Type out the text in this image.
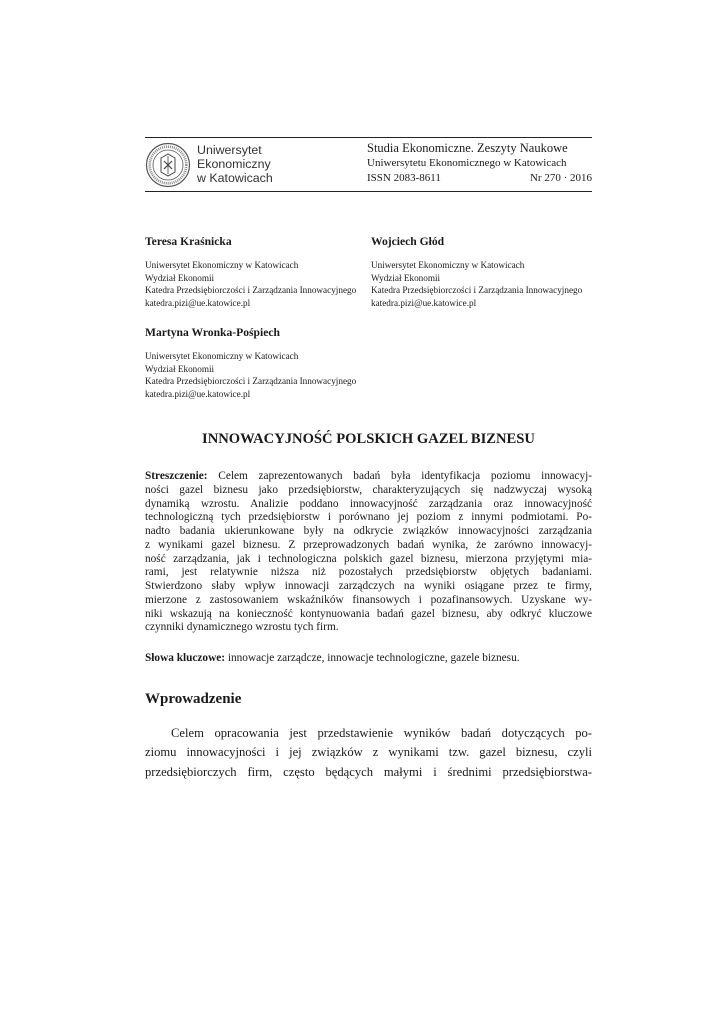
Uniwersytet
Ekonomiczny
w Katowicach
Studia Ekonomiczne. Zeszyty Naukowe
Uniwersytetu Ekonomicznego w Katowicach
ISSN 2083-8611	Nr 270 · 2016
Teresa Kraśnicka
Uniwersytet Ekonomiczny w Katowicach
Wydział Ekonomii
Katedra Przedsiębiorczości i Zarządzania Innowacyjnego
katedra.pizi@ue.katowice.pl
Wojciech Głód
Uniwersytet Ekonomiczny w Katowicach
Wydział Ekonomii
Katedra Przedsiębiorczości i Zarządzania Innowacyjnego
katedra.pizi@ue.katowice.pl
Martyna Wronka-Pośpiech
Uniwersytet Ekonomiczny w Katowicach
Wydział Ekonomii
Katedra Przedsiębiorczości i Zarządzania Innowacyjnego
katedra.pizi@ue.katowice.pl
INNOWACYJNOŚĆ POLSKICH GAZEL BIZNESU
Streszczenie: Celem zaprezentowanych badań była identyfikacja poziomu innowacyj-
ności gazel biznesu jako przedsiębiorstw, charakteryzujących się nadzwyczaj wysoką
dynamiką wzrostu. Analizie poddano innowacyjność zarządzania oraz innowacyjność
technologiczną tych przedsiębiorstw i porównano jej poziom z innymi podmiotami. Po-
nadto badania ukierunkowane były na odkrycie związków innowacyjności zarządzania
z wynikami gazel biznesu. Z przeprowadzonych badań wynika, że zarówno innowacyj-
ność zarządzania, jak i technologiczna polskich gazel biznesu, mierzona przyjętymi mia-
rami, jest relatywnie niższa niż pozostałych przedsiębiorstw objętych badaniami.
Stwierdzono słaby wpływ innowacji zarządczych na wyniki osiągane przez te firmy,
mierzone z zastosowaniem wskaźników finansowych i pozafinansowych. Uzyskane wy-
niki wskazują na konieczność kontynuowania badań gazel biznesu, aby odkryć kluczowe
czynniki dynamicznego wzrostu tych firm.
Słowa kluczowe: innowacje zarządcze, innowacje technologiczne, gazele biznesu.
Wprowadzenie
Celem opracowania jest przedstawienie wyników badań dotyczących po-
ziomu innowacyjności i jej związków z wynikami tzw. gazel biznesu, czyli
przedsiębiorczych firm, często będących małymi i średnimi przedsiębiorstwa-
